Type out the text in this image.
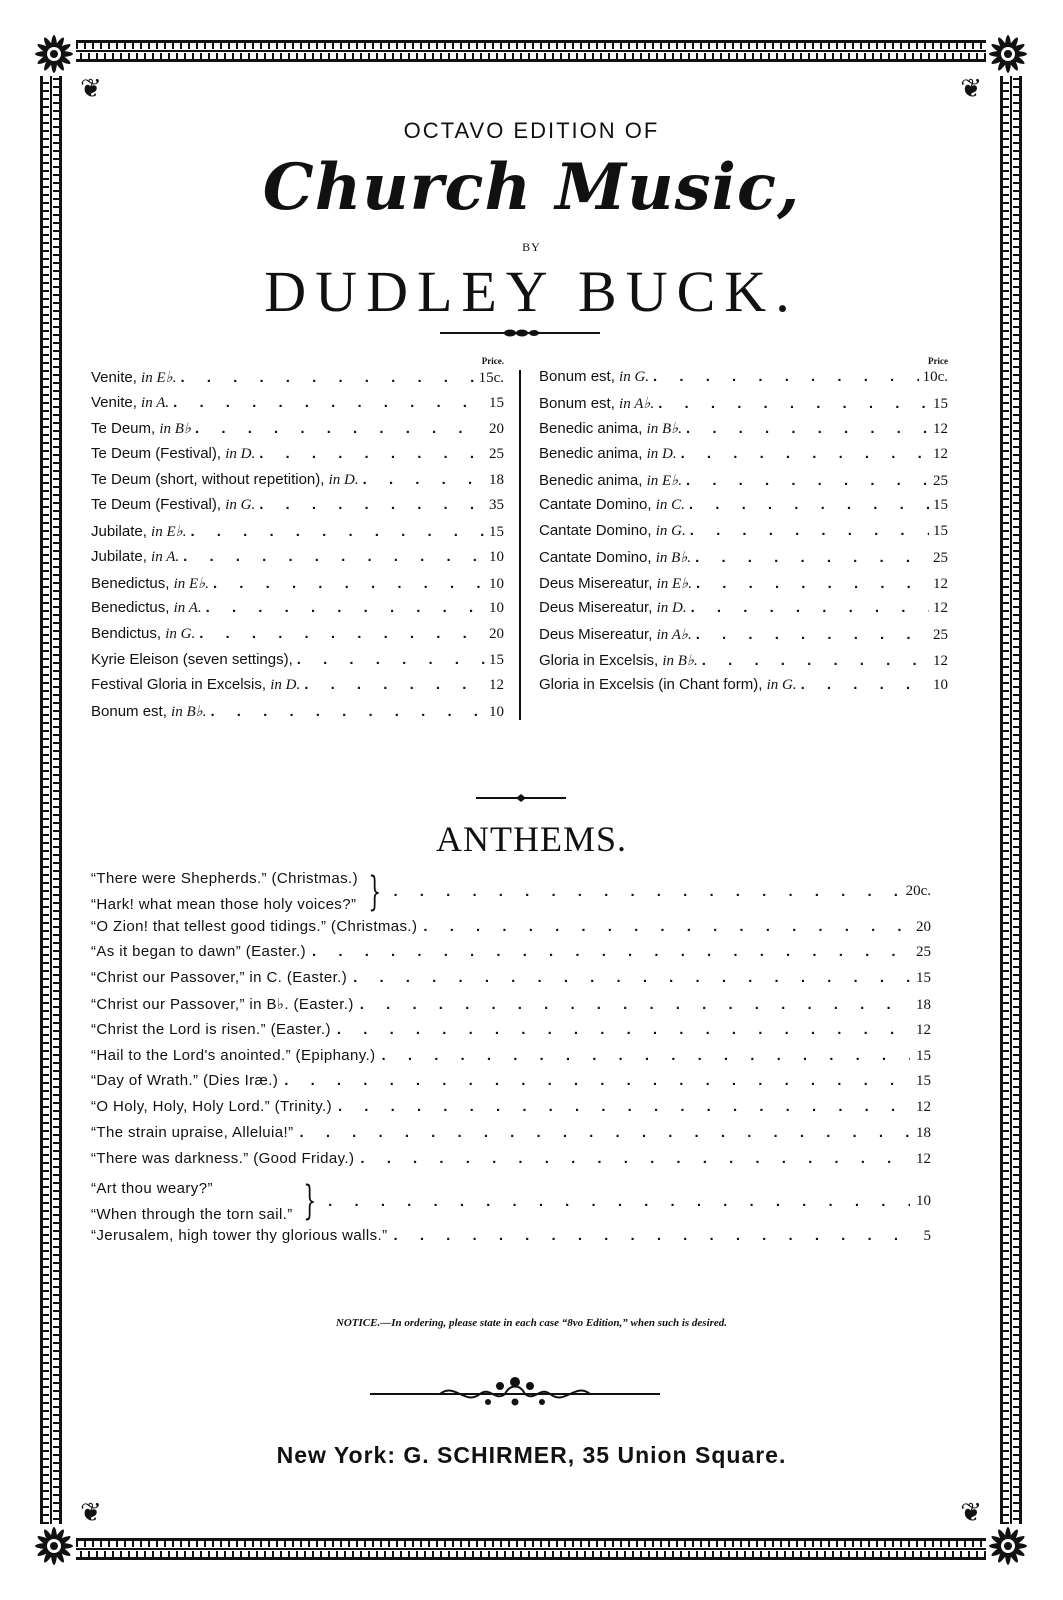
❦	❦
❦	❦
OCTAVO EDITION OF
Church Music,
BY
DUDLEY BUCK.
Price.
Venite, in E♭. . . .	15c.
Venite, in A. . . .	15
Te Deum, in B♭ . . .	20
Te Deum (Festival), in D. . . .	25
Te Deum (short, without repetition), in D. . . .	18
Te Deum (Festival), in G. . . .	35
Jubilate, in E♭. . . .	15
Jubilate, in A. . . .	10
Benedictus, in E♭. . . .	10
Benedictus, in A. . . .	10
Bendictus, in G. . . .	20
Kyrie Eleison (seven settings), . . .	15
Festival Gloria in Excelsis, in D. . . .	12
Bonum est, in B♭. . . .	10
Price
Bonum est, in G. . . .	10c.
Bonum est, in A♭. . . .	15
Benedic anima, in B♭. . . .	12
Benedic anima, in D. . . .	12
Benedic anima, in E♭. . . .	25
Cantate Domino, in C. . . .	15
Cantate Domino, in G. . . .	15
Cantate Domino, in B♭. . . .	25
Deus Misereatur, in E♭. . . .	12
Deus Misereatur, in D. . . .	12
Deus Misereatur, in A♭. . . .	25
Gloria in Excelsis, in B♭. . . .	12
Gloria in Excelsis (in Chant form), in G. . . .	10
ANTHEMS.
“There were Shepherds.” (Christmas.)
“Hark! what mean those holy voices?” } . . .	20c.
“O Zion! that tellest good tidings.” (Christmas.) . . .	20
“As it began to dawn” (Easter.) . . .	25
“Christ our Passover,” in C. (Easter.) . . .	15
“Christ our Passover,” in B♭. (Easter.) . . .	18
“Christ the Lord is risen.” (Easter.) . . .	12
“Hail to the Lord's anointed.” (Epiphany.) . . .	15
“Day of Wrath.” (Dies Iræ.) . . .	15
“O Holy, Holy, Holy Lord.” (Trinity.) . . .	12
“The strain upraise, Alleluia!” . . .	18
“There was darkness.” (Good Friday.) . . .	12
“Art thou weary?”
“When through the torn sail.” } . . .	10
“Jerusalem, high tower thy glorious walls.” . . .	5
NOTICE.—In ordering, please state in each case “8vo Edition,” when such is desired.
New York: G. SCHIRMER, 35 Union Square.
